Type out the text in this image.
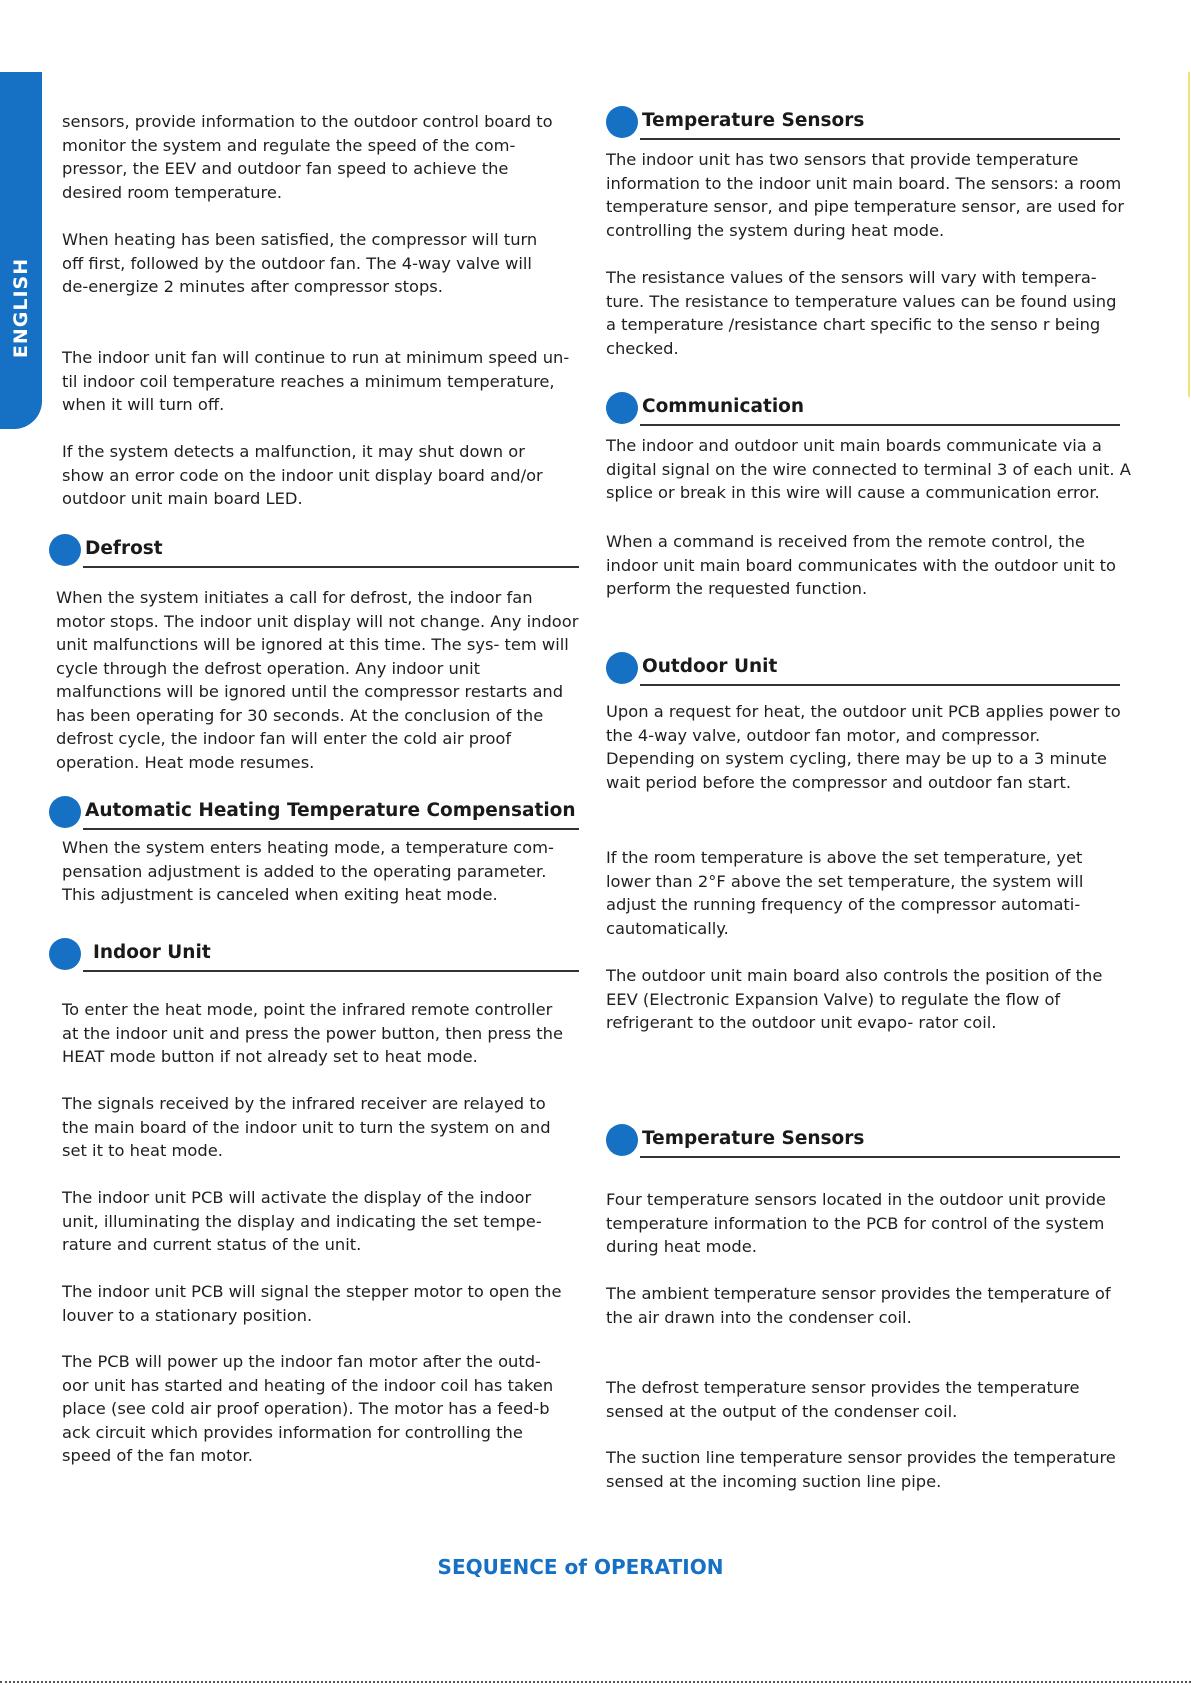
ENGLISH

sensors, provide information to the outdoor control board to monitor the system and regulate the speed of the com- pressor, the EEV and outdoor fan speed to achieve the desired room temperature.

When heating has been satisfied, the compressor will turn off first, followed by the outdoor fan. The 4-way valve will de-energize 2 minutes after compressor stops.

The indoor unit fan will continue to run at minimum speed un- til indoor coil temperature reaches a minimum temperature, when it will turn off.

If the system detects a malfunction, it may shut down or show an error code on the indoor unit display board and/or outdoor unit main board LED.

Defrost

When the system initiates a call for defrost, the indoor fan motor stops. The indoor unit display will not change. Any indoor unit malfunctions will be ignored at this time. The sys- tem will cycle through the defrost operation. Any indoor unit malfunctions will be ignored until the compressor restarts and has been operating for 30 seconds. At the conclusion of the defrost cycle, the indoor fan will enter the cold air proof operation. Heat mode resumes.

Automatic Heating Temperature Compensation

When the system enters heating mode, a temperature com- pensation adjustment is added to the operating parameter. This adjustment is canceled when exiting heat mode.

Indoor Unit

To enter the heat mode, point the infrared remote controller at the indoor unit and press the power button, then press the HEAT mode button if not already set to heat mode.

The signals received by the infrared receiver are relayed to the main board of the indoor unit to turn the system on and set it to heat mode.

The indoor unit PCB will activate the display of the indoor unit, illuminating the display and indicating the set tempe- rature and current status of the unit.

The indoor unit PCB will signal the stepper motor to open the louver to a stationary position.

The PCB will power up the indoor fan motor after the outd- oor unit has started and heating of the indoor coil has taken place (see cold air proof operation). The motor has a feed-b ack circuit which provides information for controlling the speed of the fan motor.

Temperature Sensors

The indoor unit has two sensors that provide temperature information to the indoor unit main board. The sensors: a room temperature sensor, and pipe temperature sensor, are used for controlling the system during heat mode.

The resistance values of the sensors will vary with tempera- ture. The resistance to temperature values can be found using a temperature /resistance chart specific to the senso r being checked.

Communication

The indoor and outdoor unit main boards communicate via a digital signal on the wire connected to terminal 3 of each unit. A splice or break in this wire will cause a communication error.

When a command is received from the remote control, the indoor unit main board communicates with the outdoor unit to perform the requested function.

Outdoor Unit

Upon a request for heat, the outdoor unit PCB applies power to the 4-way valve, outdoor fan motor, and compressor. Depending on system cycling, there may be up to a 3 minute wait period before the compressor and outdoor fan start.

If the room temperature is above the set temperature, yet lower than 2°F above the set temperature, the system will adjust the running frequency of the compressor automati- cautomatically.

The outdoor unit main board also controls the position of the EEV (Electronic Expansion Valve) to regulate the flow of refrigerant to the outdoor unit evapo- rator coil.

Temperature Sensors

Four temperature sensors located in the outdoor unit provide temperature information to the PCB for control of the system during heat mode.

The ambient temperature sensor provides the temperature of the air drawn into the condenser coil.

The defrost temperature sensor provides the temperature sensed at the output of the condenser coil.

The suction line temperature sensor provides the temperature sensed at the incoming suction line pipe.

SEQUENCE of OPERATION
